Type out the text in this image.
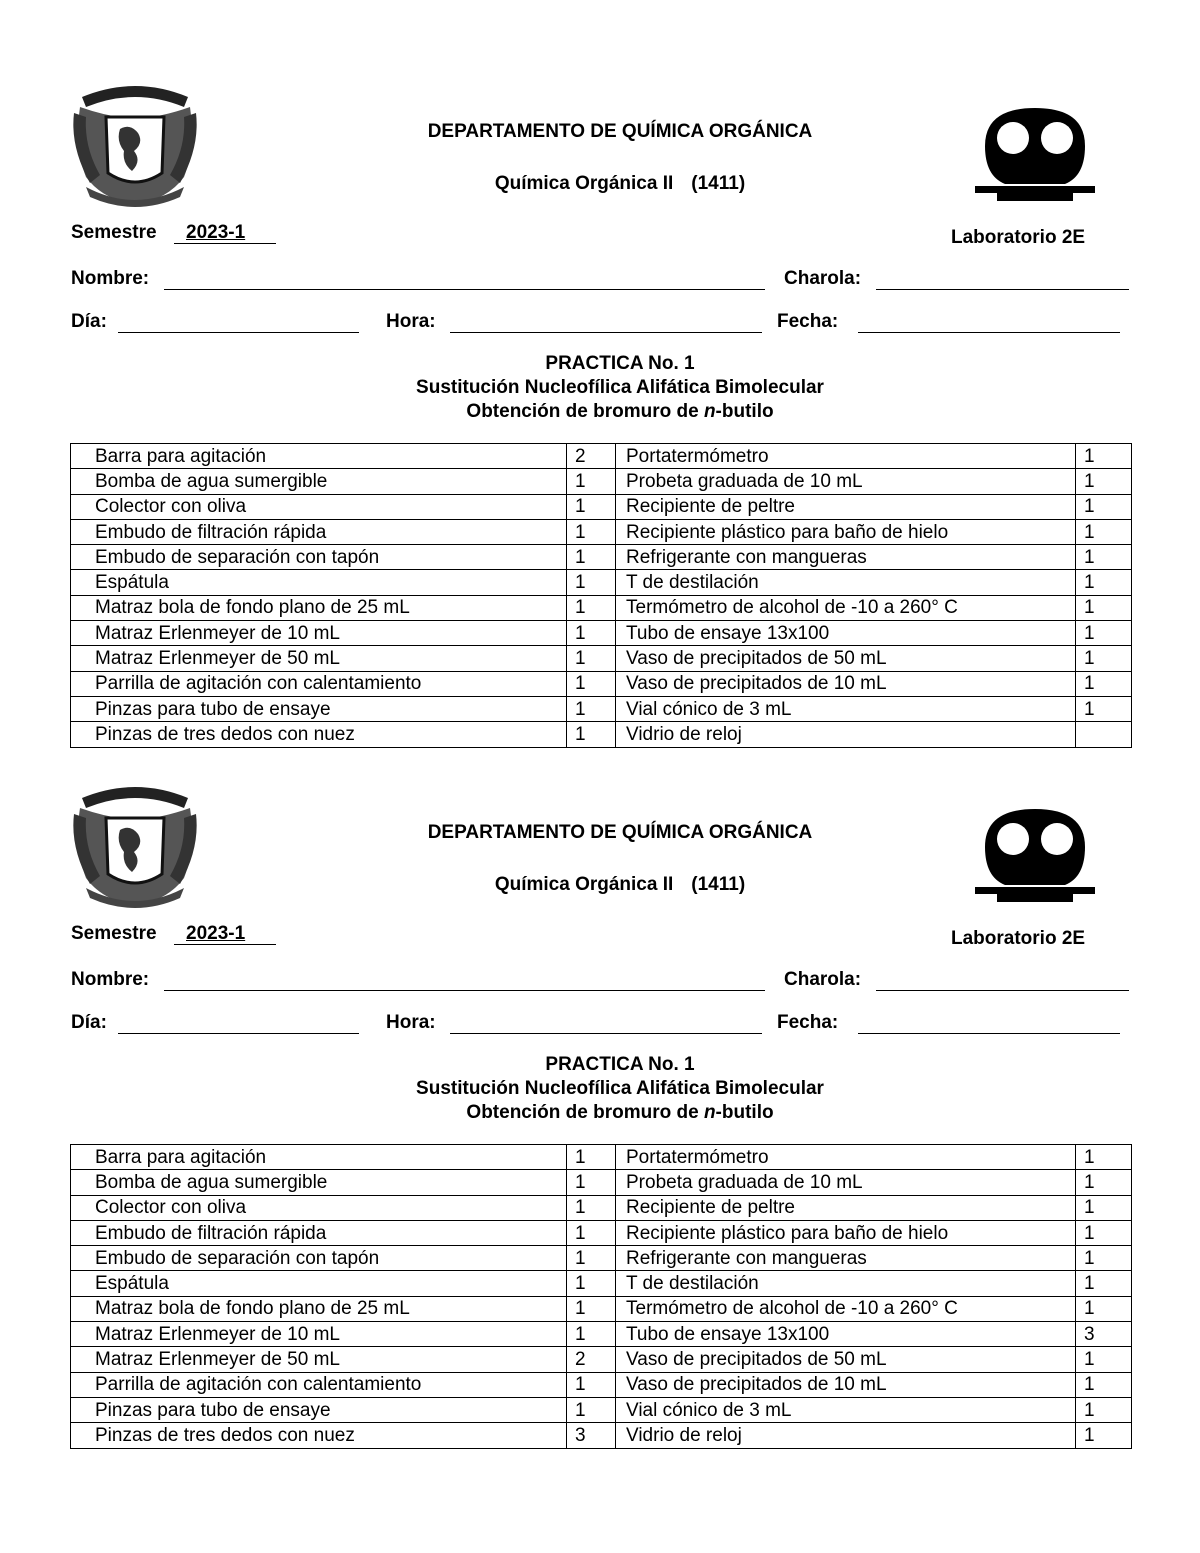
DEPARTAMENTO DE QUÍMICA ORGÁNICA
Química Orgánica II (1411)
Semestre 2023-1	Laboratorio 2E
Nombre:	Charola:
Día:	Hora:	Fecha:
PRACTICA No. 1
Sustitución Nucleofílica Alifática Bimolecular
Obtención de bromuro de n-butilo
Barra para agitación	2	Portatermómetro	1
Bomba de agua sumergible	1	Probeta graduada de 10 mL	1
Colector con oliva	1	Recipiente de peltre	1
Embudo de filtración rápida	1	Recipiente plástico para baño de hielo	1
Embudo de separación con tapón	1	Refrigerante con mangueras	1
Espátula	1	T de destilación	1
Matraz bola de fondo plano de 25 mL	1	Termómetro de alcohol de -10 a 260° C	1
Matraz Erlenmeyer de 10 mL	1	Tubo de ensaye 13x100	1
Matraz Erlenmeyer de 50 mL	1	Vaso de precipitados de 50 mL	1
Parrilla de agitación con calentamiento	1	Vaso de precipitados de 10 mL	1
Pinzas para tubo de ensaye	1	Vial cónico de 3 mL	1
Pinzas de tres dedos con nuez	1	Vidrio de reloj	
DEPARTAMENTO DE QUÍMICA ORGÁNICA
Química Orgánica II (1411)
Semestre 2023-1	Laboratorio 2E
Nombre:	Charola:
Día:	Hora:	Fecha:
PRACTICA No. 1
Sustitución Nucleofílica Alifática Bimolecular
Obtención de bromuro de n-butilo
Barra para agitación	1	Portatermómetro	1
Bomba de agua sumergible	1	Probeta graduada de 10 mL	1
Colector con oliva	1	Recipiente de peltre	1
Embudo de filtración rápida	1	Recipiente plástico para baño de hielo	1
Embudo de separación con tapón	1	Refrigerante con mangueras	1
Espátula	1	T de destilación	1
Matraz bola de fondo plano de 25 mL	1	Termómetro de alcohol de -10 a 260° C	1
Matraz Erlenmeyer de 10 mL	1	Tubo de ensaye 13x100	3
Matraz Erlenmeyer de 50 mL	2	Vaso de precipitados de 50 mL	1
Parrilla de agitación con calentamiento	1	Vaso de precipitados de 10 mL	1
Pinzas para tubo de ensaye	1	Vial cónico de 3 mL	1
Pinzas de tres dedos con nuez	3	Vidrio de reloj	1
